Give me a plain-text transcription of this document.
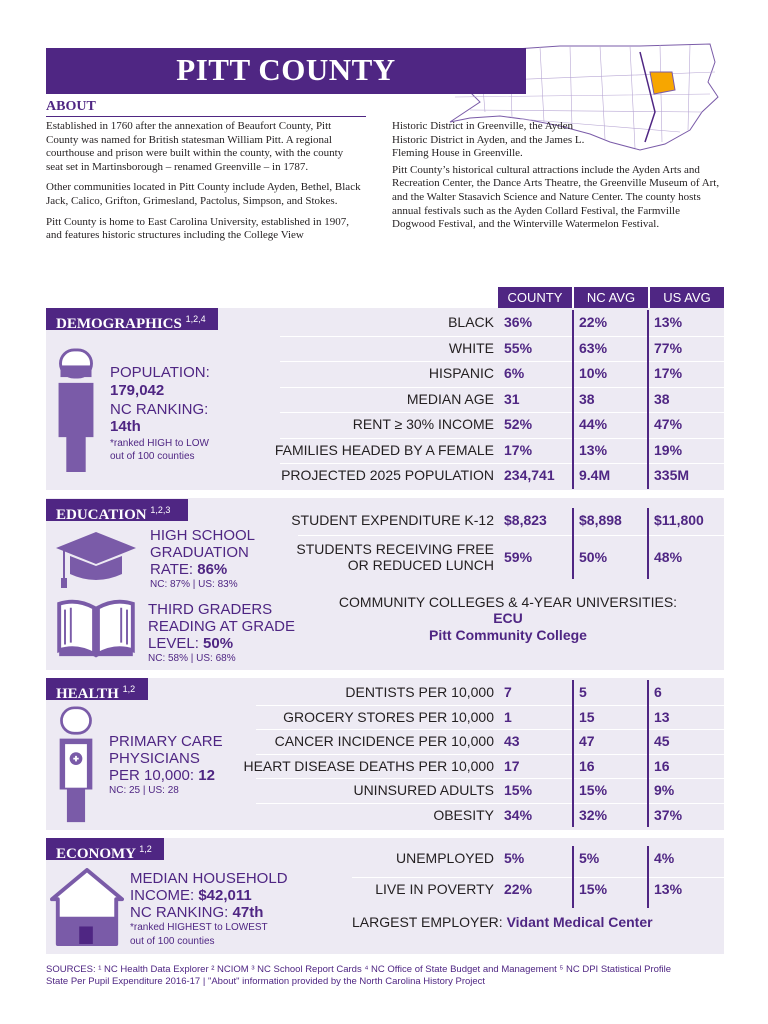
PITT COUNTY
ABOUT

Established in 1760 after the annexation of Beaufort County, Pitt County was named for British statesman William Pitt. A regional courthouse and prison were built within the county, with the county seat set in Martinsborough – renamed Greenville – in 1787.

Other communities located in Pitt County include Ayden, Bethel, Black Jack, Calico, Grifton, Grimesland, Pactolus, Simpson, and Stokes.

Pitt County is home to East Carolina University, established in 1907, and features historic structures including the College View

Historic District in Greenville, the Ayden Historic District in Ayden, and the James L. Fleming House in Greenville.

Pitt County’s historical cultural attractions include the Ayden Arts and Recreation Center, the Dance Arts Theatre, the Greenville Museum of Art, and the Walter Stasavich Science and Nature Center. The county hosts annual festivals such as the Ayden Collard Festival, the Farmville Dogwood Festival, and the Winterville Watermelon Festival.

COUNTY	NC AVG	US AVG
DEMOGRAPHICS $^{1,2,4}$
POPULATION:
179,042
NC RANKING:
14th
*ranked HIGH to LOW
out of 100 counties
BLACK 36%	22%	13%
WHITE 55%	63%	77%
HISPANIC 6%	10%	17%
MEDIAN AGE 31	38	38
RENT ≥ 30% INCOME 52%	44%	47%
FAMILIES HEADED BY A FEMALE 17%	13%	19%
PROJECTED 2025 POPULATION 234,741 9.4M	335M
EDUCATION $^{1,2,3}$
HIGH SCHOOL
GRADUATION
RATE: 86%
NC: 87% | US: 83%
THIRD GRADERS
READING AT GRADE
LEVEL: 50%
NC: 58% | US: 68%
STUDENT EXPENDITURE K-12 $8,823 $8,898 $11,800
STUDENTS RECEIVING FREE
OR REDUCED LUNCH 59%	50%	48%
COMMUNITY COLLEGES & 4-YEAR UNIVERSITIES:
ECU
Pitt Community College
HEALTH $^{1,2}$
PRIMARY CARE
PHYSICIANS
PER 10,000: 12
NC: 25 | US: 28
DENTISTS PER 10,000 7	5	6
GROCERY STORES PER 10,000 1	15	13
CANCER INCIDENCE PER 10,000 43	47	45
HEART DISEASE DEATHS PER 10,000 17	16	16
UNINSURED ADULTS 15%	15%	9%
OBESITY 34%	32%	37%
ECONOMY $^{1,2}$
MEDIAN HOUSEHOLD
INCOME: $42,011
NC RANKING: 47th
*ranked HIGHEST to LOWEST
out of 100 counties
UNEMPLOYED 5%	5%	4%
LIVE IN POVERTY 22%	15%	13%
LARGEST EMPLOYER: Vidant Medical Center
SOURCES: ¹ NC Health Data Explorer ² NCIOM ³ NC School Report Cards ⁴ NC Office of State Budget and Management ⁵ NC DPI Statistical Profile
State Per Pupil Expenditure 2016-17 | "About" information provided by the North Carolina History Project
